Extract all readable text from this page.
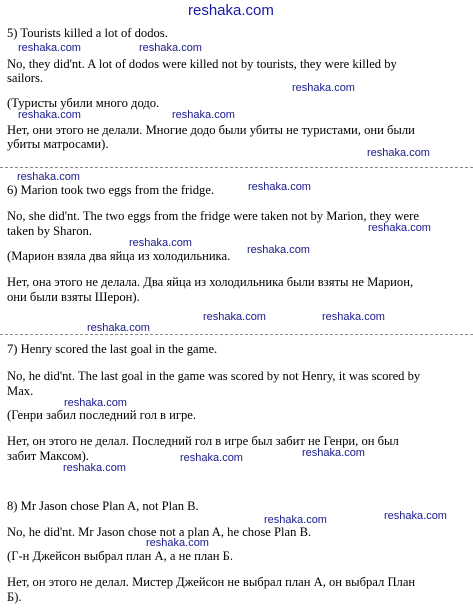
reshaka.com
5) Tourists killed a lot of dodos.
No, they did'nt. A lot of dodos were killed not by tourists, they were killed by
sailors.
(Туристы убили много додо.
Нет, они этого не делали. Многие додо были убиты не туристами, они были
убиты матросами).
6) Marion took two eggs from the fridge.
No, she did'nt. The two eggs from the fridge were taken not by Marion, they were
taken by Sharon.
(Марион взяла два яйца из холодильника.
Нет, она этого не делала. Два яйца из холодильника были взяты не Марион,
они были взяты Шерон).
7) Henry scored the last goal in the game.
No, he did'nt. The last goal in the game was scored by not Henry, it was scored by
Max.
(Генри забил последний гол в игре.
Нет, он этого не делал. Последний гол в игре был забит не Генри, он был
забит Максом).
8) Mr Jason chose Plan A, not Plan B.
No, he did'nt. Mr Jason chose not a plan A, he chose Plan B.
(Г-н Джейсон выбрал план А, а не план Б.
Нет, он этого не делал. Мистер Джейсон не выбрал план А, он выбрал План
Б).
reshaka.com	reshaka.com
reshaka.com
reshaka.com	reshaka.com
reshaka.com
reshaka.com
reshaka.com
reshaka.com
reshaka.com
reshaka.com
reshaka.com	reshaka.com
reshaka.com
reshaka.com
reshaka.com
reshaka.com
reshaka.com
reshaka.com
reshaka.com
reshaka.com
